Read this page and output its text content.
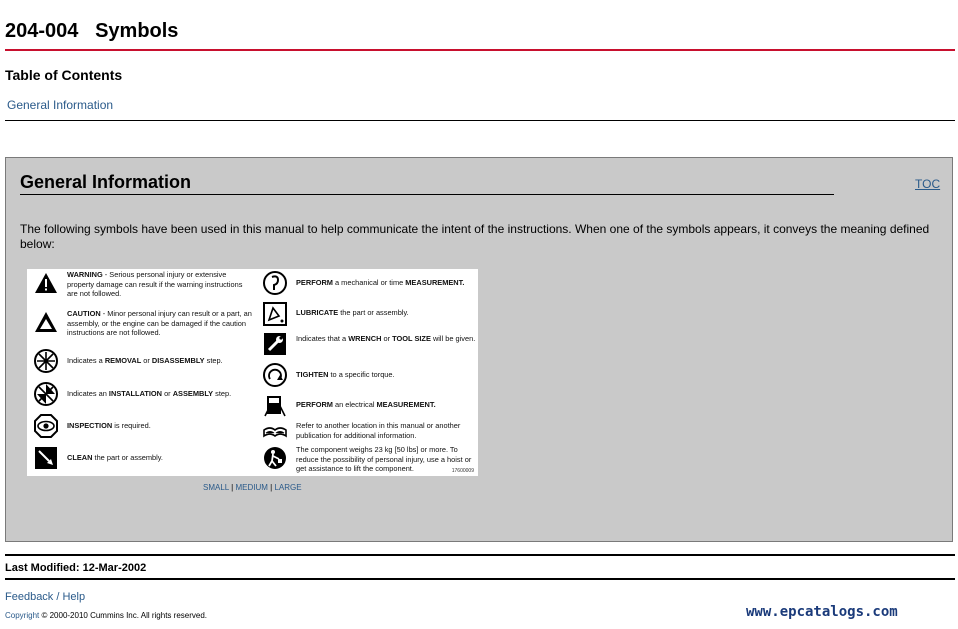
204-004   Symbols
Table of Contents
General Information
General Information	TOC
The following symbols have been used in this manual to help communicate the intent of the instructions. When one of the symbols appears, it conveys the meaning defined below:
WARNING - Serious personal injury or extensive property damage can result if the warning instructions are not followed.
CAUTION - Minor personal injury can result or a part, an assembly, or the engine can be damaged if the caution instructions are not followed.
Indicates a REMOVAL or DISASSEMBLY step.
Indicates an INSTALLATION or ASSEMBLY step.
INSPECTION is required.
CLEAN the part or assembly.
PERFORM a mechanical or time MEASUREMENT.
LUBRICATE the part or assembly.
Indicates that a WRENCH or TOOL SIZE will be given.
TIGHTEN to a specific torque.
PERFORM an electrical MEASUREMENT.
Refer to another location in this manual or another publication for additional information.
The component weighs 23 kg [50 lbs] or more. To reduce the possibility of personal injury, use a hoist or get assistance to lift the component.	17600009
SMALL | MEDIUM | LARGE
Last Modified: 12-Mar-2002
Feedback / Help
Copyright © 2000-2010 Cummins Inc. All rights reserved.	www.epcatalogs.com
